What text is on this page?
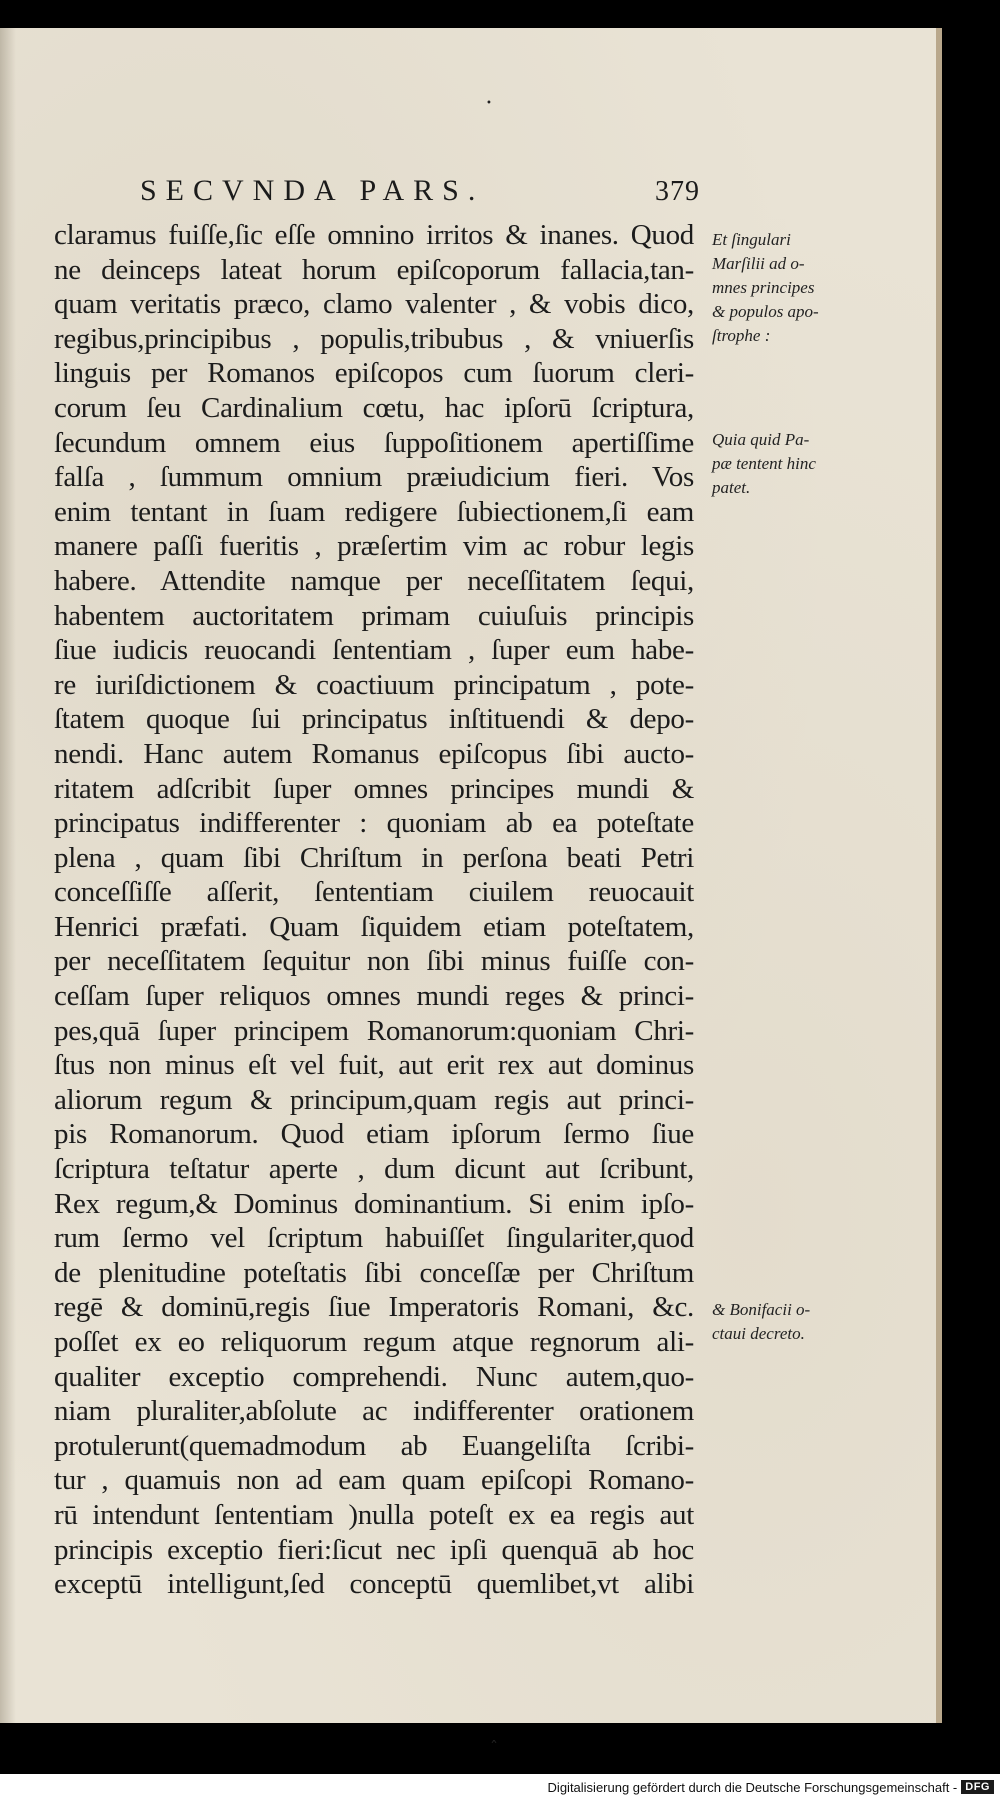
•
SECVNDA PARS.	379
claramus fuiſſe,ſic eſſe omnino irritos & inanes. Quod
ne deinceps lateat horum epiſcoporum fallacia,tan-
quam veritatis præco, clamo valenter , & vobis dico,
regibus,principibus , populis,tribubus , & vniuerſis
linguis per Romanos epiſcopos cum ſuorum cleri-
corum ſeu Cardinalium cœtu, hac ipſorū ſcriptura,
ſecundum omnem eius ſuppoſitionem apertiſſime
falſa , ſummum omnium præiudicium fieri. Vos
enim tentant in ſuam redigere ſubiectionem,ſi eam
manere paſſi fueritis , præſertim vim ac robur legis
habere. Attendite namque per neceſſitatem ſequi,
habentem auctoritatem primam cuiuſuis principis
ſiue iudicis reuocandi ſententiam , ſuper eum habe-
re iuriſdictionem & coactiuum principatum , pote-
ſtatem quoque ſui principatus inſtituendi & depo-
nendi. Hanc autem Romanus epiſcopus ſibi aucto-
ritatem adſcribit ſuper omnes principes mundi &
principatus indifferenter : quoniam ab ea poteſtate
plena , quam ſibi Chriſtum in perſona beati Petri
conceſſiſſe aſſerit, ſententiam ciuilem reuocauit
Henrici præfati. Quam ſiquidem etiam poteſtatem,
per neceſſitatem ſequitur non ſibi minus fuiſſe con-
ceſſam ſuper reliquos omnes mundi reges & princi-
pes,quā ſuper principem Romanorum:quoniam Chri-
ſtus non minus eſt vel fuit, aut erit rex aut dominus
aliorum regum & principum,quam regis aut princi-
pis Romanorum. Quod etiam ipſorum ſermo ſiue
ſcriptura teſtatur aperte , dum dicunt aut ſcribunt,
Rex regum,& Dominus dominantium. Si enim ipſo-
rum ſermo vel ſcriptum habuiſſet ſingulariter,quod
de plenitudine poteſtatis ſibi conceſſæ per Chriſtum
regē & dominū,regis ſiue Imperatoris Romani, &c.
poſſet ex eo reliquorum regum atque regnorum ali-
qualiter exceptio comprehendi. Nunc autem,quo-
niam pluraliter,abſolute ac indifferenter orationem
protulerunt(quemadmodum ab Euangeliſta ſcribi-
tur , quamuis non ad eam quam epiſcopi Romano-
rū intendunt ſententiam )nulla poteſt ex ea regis aut
principis exceptio fieri:ſicut nec ipſi quenquā ab hoc
exceptū intelligunt,ſed conceptū quemlibet,vt alibi
Et ſingulari
Marſilii ad o-
mnes principes
& populos apo-
ſtrophe :
Quia quid Pa-
pæ tentent hinc
patet.
& Bonifacii o-
ctaui decreto.
ˆ
Digitalisierung gefördert durch die Deutsche Forschungsgemeinschaft - DFG
